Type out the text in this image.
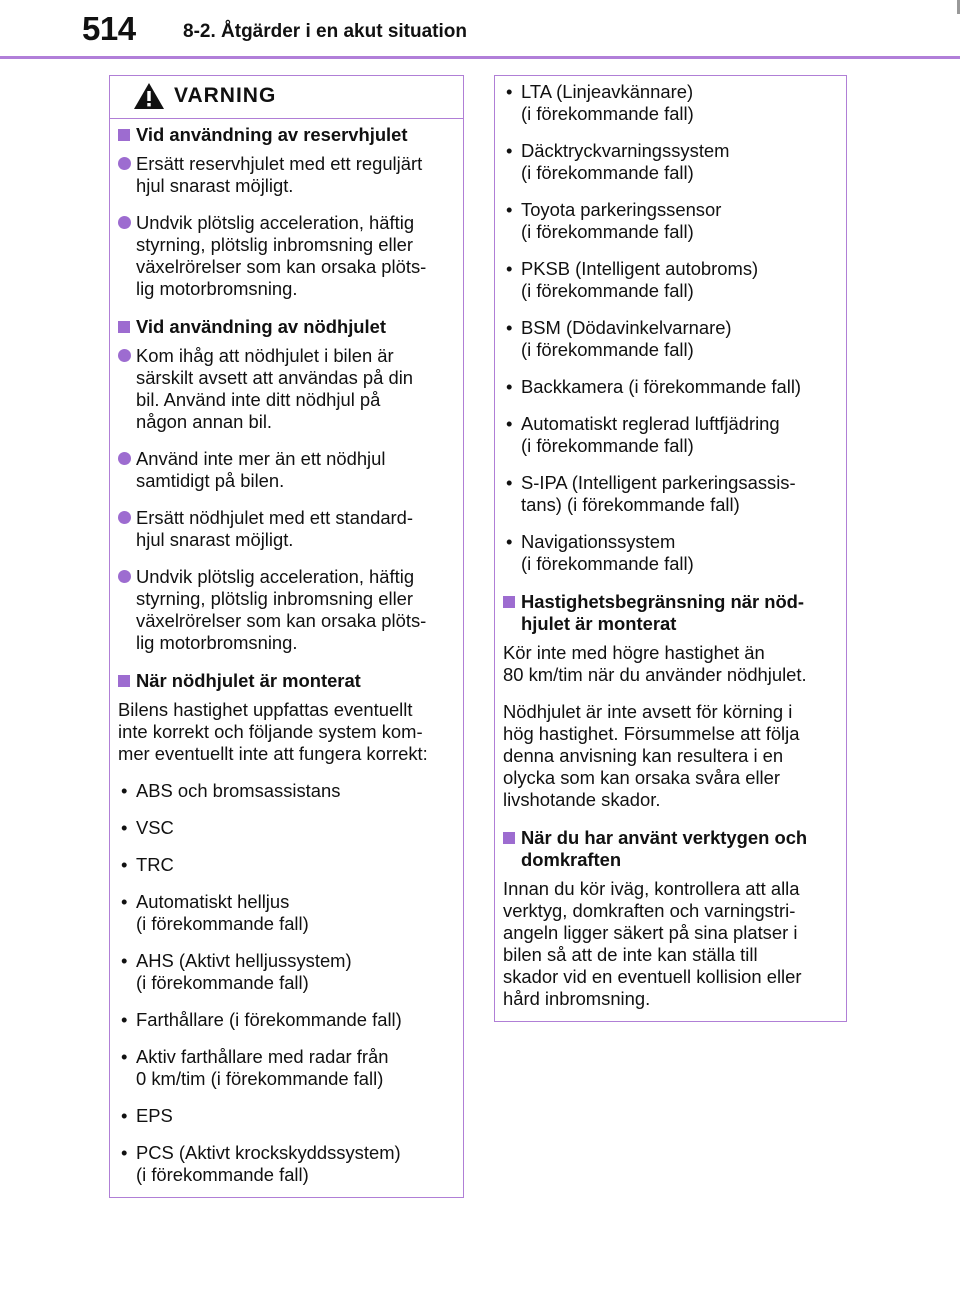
514 8-2. Åtgärder i en akut situation
VARNING
Vid användning av reservhjulet
Ersätt reservhjulet med ett reguljärt
hjul snarast möjligt.
Undvik plötslig acceleration, häftig
styrning, plötslig inbromsning eller
växelrörelser som kan orsaka plöts-
lig motorbromsning.
Vid användning av nödhjulet
Kom ihåg att nödhjulet i bilen är
särskilt avsett att användas på din
bil. Använd inte ditt nödhjul på
någon annan bil.
Använd inte mer än ett nödhjul
samtidigt på bilen.
Ersätt nödhjulet med ett standard-
hjul snarast möjligt.
Undvik plötslig acceleration, häftig
styrning, plötslig inbromsning eller
växelrörelser som kan orsaka plöts-
lig motorbromsning.
När nödhjulet är monterat
Bilens hastighet uppfattas eventuellt
inte korrekt och följande system kom-
mer eventuellt inte att fungera korrekt:
• ABS och bromsassistans
• VSC
• TRC
• Automatiskt helljus
(i förekommande fall)
• AHS (Aktivt helljussystem)
(i förekommande fall)
• Farthållare (i förekommande fall)
• Aktiv farthållare med radar från
0 km/tim (i förekommande fall)
• EPS
• PCS (Aktivt krockskyddssystem)
(i förekommande fall)
• LTA (Linjeavkännare)
(i förekommande fall)
• Däcktryckvarningssystem
(i förekommande fall)
• Toyota parkeringssensor
(i förekommande fall)
• PKSB (Intelligent autobroms)
(i förekommande fall)
• BSM (Dödavinkelvarnare)
(i förekommande fall)
• Backkamera (i förekommande fall)
• Automatiskt reglerad luftfjädring
(i förekommande fall)
• S-IPA (Intelligent parkeringsassis-
tans) (i förekommande fall)
• Navigationssystem
(i förekommande fall)
Hastighetsbegränsning när nöd-
hjulet är monterat
Kör inte med högre hastighet än
80 km/tim när du använder nödhjulet.
Nödhjulet är inte avsett för körning i
hög hastighet. Försummelse att följa
denna anvisning kan resultera i en
olycka som kan orsaka svåra eller
livshotande skador.
När du har använt verktygen och
domkraften
Innan du kör iväg, kontrollera att alla
verktyg, domkraften och varningstri-
angeln ligger säkert på sina platser i
bilen så att de inte kan ställa till
skador vid en eventuell kollision eller
hård inbromsning.
